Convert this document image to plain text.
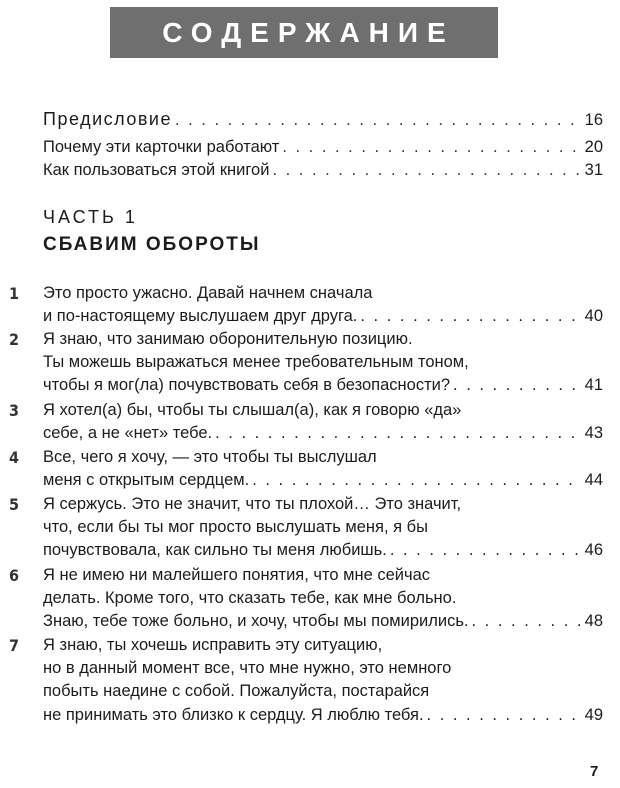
СОДЕРЖАНИЕ
Предисловие . . .	16
Почему эти карточки работают . . .	20
Как пользоваться этой книгой . . .	31
ЧАСТЬ 1
СБАВИМ ОБОРОТЫ
1 Это просто ужасно. Давай начнем сначала
и по-настоящему выслушаем друг друга. . . .	40
2 Я знаю, что занимаю оборонительную позицию.
Ты можешь выражаться менее требовательным тоном,
чтобы я мог(ла) почувствовать себя в безопасности? . . .	41
3 Я хотел(а) бы, чтобы ты слышал(а), как я говорю «да»
себе, а не «нет» тебе. . . .	43
4 Все, чего я хочу, — это чтобы ты выслушал
меня с открытым сердцем. . . .	44
5 Я сержусь. Это не значит, что ты плохой… Это значит,
что, если бы ты мог просто выслушать меня, я бы
почувствовала, как сильно ты меня любишь. . . .	46
6 Я не имею ни малейшего понятия, что мне сейчас
делать. Кроме того, что сказать тебе, как мне больно.
Знаю, тебе тоже больно, и хочу, чтобы мы помирились. . . .	48
7 Я знаю, ты хочешь исправить эту ситуацию,
но в данный момент все, что мне нужно, это немного
побыть наедине с собой. Пожалуйста, постарайся
не принимать это близко к сердцу. Я люблю тебя. . . .	49
7
